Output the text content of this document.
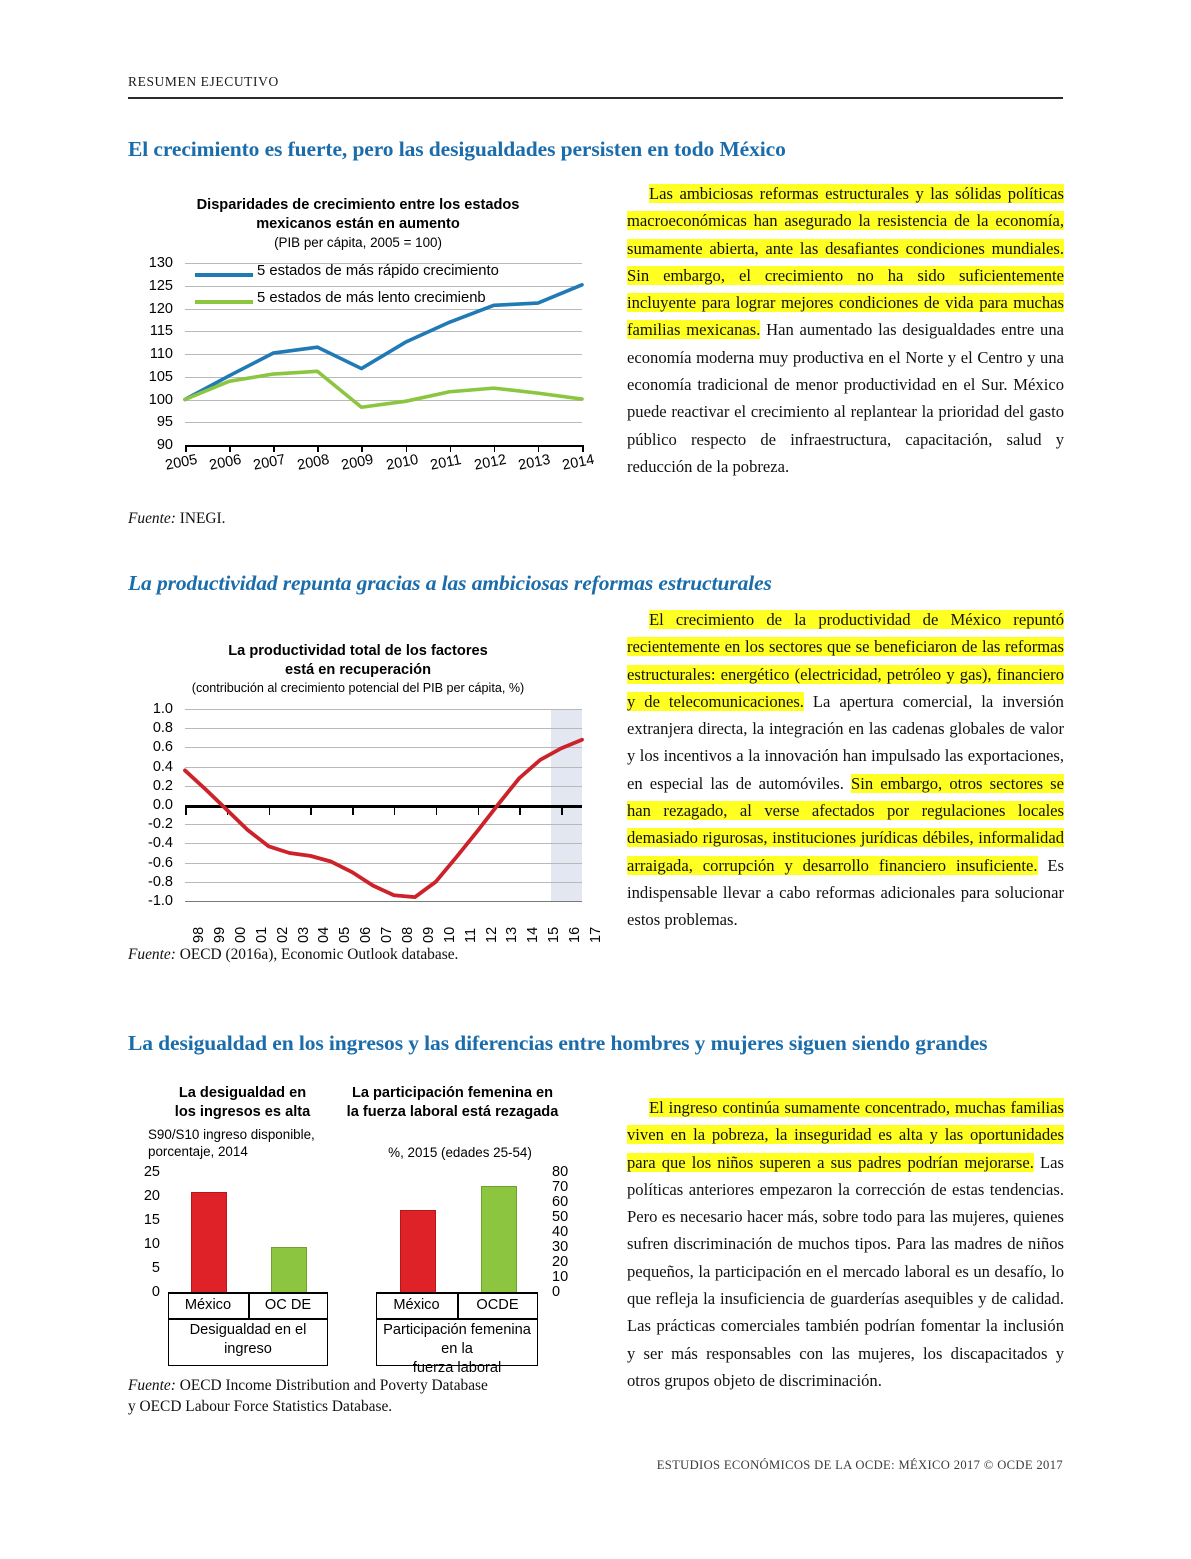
RESUMEN EJECUTIVO
El crecimiento es fuerte, pero las desigualdades persisten en todo México
Disparidades de crecimiento entre los estados
mexicanos están en aumento
(PIB per cápita, 2005 = 100)
90
95
100
105
110
115
120
125
130
2005 2006 2007 2008 2009 2010 2011 2012 2013 2014
5 estados de más rápido crecimiento
5 estados de más lento crecimienb
Fuente: INEGI.
Las ambiciosas reformas estructurales y las sólidas políticas macroeconómicas han asegurado la resistencia de la economía, sumamente abierta, ante las desafiantes condiciones mundiales. Sin embargo, el crecimiento no ha sido suficientemente incluyente para lograr mejores condiciones de vida para muchas familias mexicanas. Han aumentado las desigualdades entre una economía moderna muy productiva en el Norte y el Centro y una economía tradicional de menor productividad en el Sur. México puede reactivar el crecimiento al replantear la prioridad del gasto público respecto de infraestructura, capacitación, salud y reducción de la pobreza.
La productividad repunta gracias a las ambiciosas reformas estructurales
La productividad total de los factores
está en recuperación
(contribución al crecimiento potencial del PIB per cápita, %)
1.0
0.8
0.6
0.4
0.2
0.0
-0.2
-0.4
-0.6
-0.8
-1.0
98 99 00 01 02 03 04 05 06 07 08 09 10 11 12 13 14 15 16 17
Fuente: OECD (2016a), Economic Outlook database.
El crecimiento de la productividad de México repuntó recientemente en los sectores que se beneficiaron de las reformas estructurales: energético (electricidad, petróleo y gas), financiero y de telecomunicaciones. La apertura comercial, la inversión extranjera directa, la integración en las cadenas globales de valor y los incentivos a la innovación han impulsado las exportaciones, en especial las de automóviles. Sin embargo, otros sectores se han rezagado, al verse afectados por regulaciones locales demasiado rigurosas, instituciones jurídicas débiles, informalidad arraigada, corrupción y desarrollo financiero insuficiente. Es indispensable llevar a cabo reformas adicionales para solucionar estos problemas.
La desigualdad en los ingresos y las diferencias entre hombres y mujeres siguen siendo grandes
La desigualdad en
los ingresos es alta
S90/S10 ingreso disponible,
porcentaje, 2014
La participación femenina en
la fuerza laboral está rezagada
%, 2015 (edades 25-54)
0
5
10
15
20
25
0
10
20
30
40
50
60
70
80
México	OC DE
Desigualdad en el ingreso
México	OCDE
Participación femenina en la
fuerza laboral
Fuente: OECD Income Distribution and Poverty Database
y OECD Labour Force Statistics Database.
El ingreso continúa sumamente concentrado, muchas familias viven en la pobreza, la inseguridad es alta y las oportunidades para que los niños superen a sus padres podrían mejorarse. Las políticas anteriores empezaron la corrección de estas tendencias. Pero es necesario hacer más, sobre todo para las mujeres, quienes sufren discriminación de muchos tipos. Para las madres de niños pequeños, la participación en el mercado laboral es un desafío, lo que refleja la insuficiencia de guarderías asequibles y de calidad. Las prácticas comerciales también podrían fomentar la inclusión y ser más responsables con las mujeres, los discapacitados y otros grupos objeto de discriminación.
ESTUDIOS ECONÓMICOS DE LA OCDE: MÉXICO 2017 © OCDE 2017
